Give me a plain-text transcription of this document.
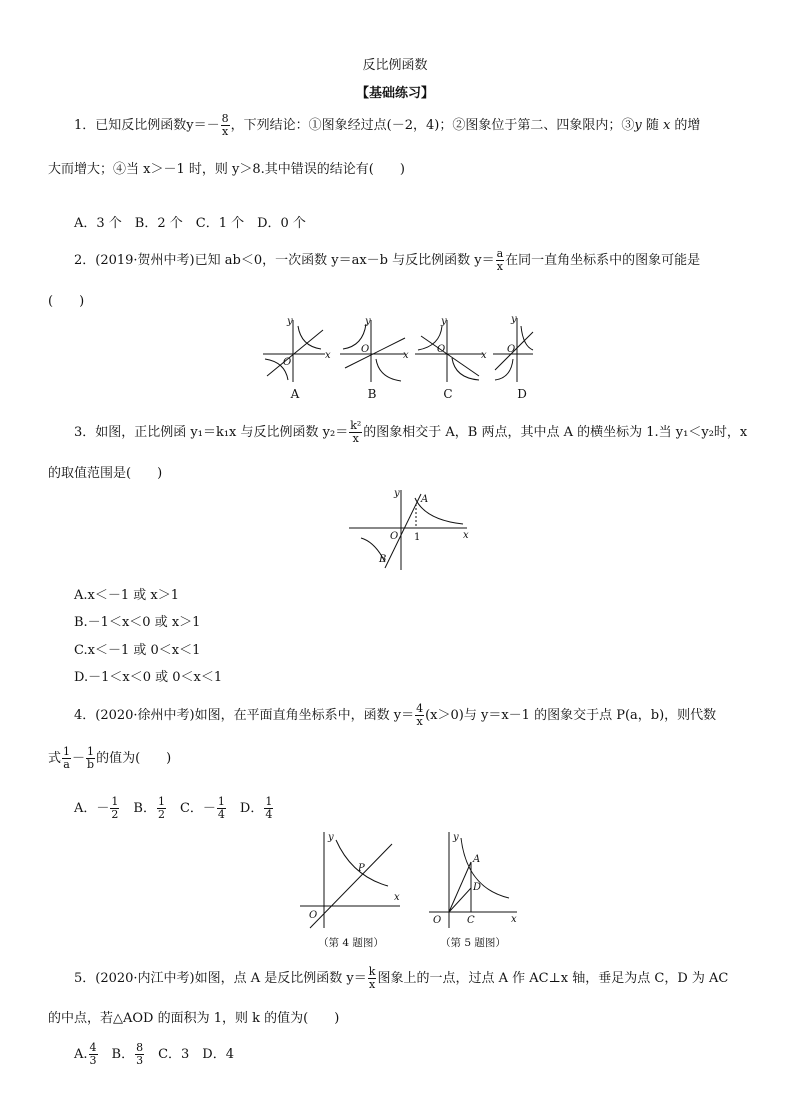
反比例函数
【基础练习】
1．已知反比例函数$y=- \frac{8}{x}$ ，下列结论：①图象经过点(－2，4)；②图象位于第二、四象限内；③y 随 x 的增
大而增大；④当 x＞－1 时，则 y＞8.其中错误的结论有(　　)
A．3 个　B．2 个　C．1 个　D．0 个
2．(2019·贺州中考)已知 ab＜0，一次函数 y＝ax－b 与反比例函数 $y= \frac{a}{x}$ 在同一直角坐标系中的图象可能是
(　　)
y
x
O
y
x
O
y
x
O
y
O
A	B	C	D
3．如图，正比例函 y₁＝k₁x 与反比例函数 $y_2= \frac{\text{k²}}{x}$ 的图象相交于 A，B 两点，其中点 A 的横坐标为 1.当 y₁＜y₂时，x
的取值范围是(　　)
y
x
O
A
B
1
A.x＜－1 或 x＞1
B.－1＜x＜0 或 x＞1
C.x＜－1 或 0＜x＜1
D.－1＜x＜0 或 0＜x＜1
4．(2020·徐州中考)如图，在平面直角坐标系中，函数 $y= \frac{4}{x} (x>0)$与 y＝x－1 的图象交于点 P(a，b)，则代数
式 $\frac{1}{a} - \frac{1}{b}$ 的值为(　　)
A．－ $\frac{1}{2}$ 　B． $\frac{1}{2}$ 　C．－ $\frac{1}{4}$ 　D． $\frac{1}{4}$
y
x
O
P
（第 4 题图）
y
x
O
A
D
C
（第 5 题图）
5．(2020·内江中考)如图，点 A 是反比例函数 $y= \frac{k}{x}$ 图象上的一点，过点 A 作 AC⊥x 轴，垂足为点 C，D 为 AC
的中点，若△AOD 的面积为 1，则 k 的值为(　　)
A. $\frac{4}{3}$ 　B． $\frac{8}{3}$ 　C．3　D．4
